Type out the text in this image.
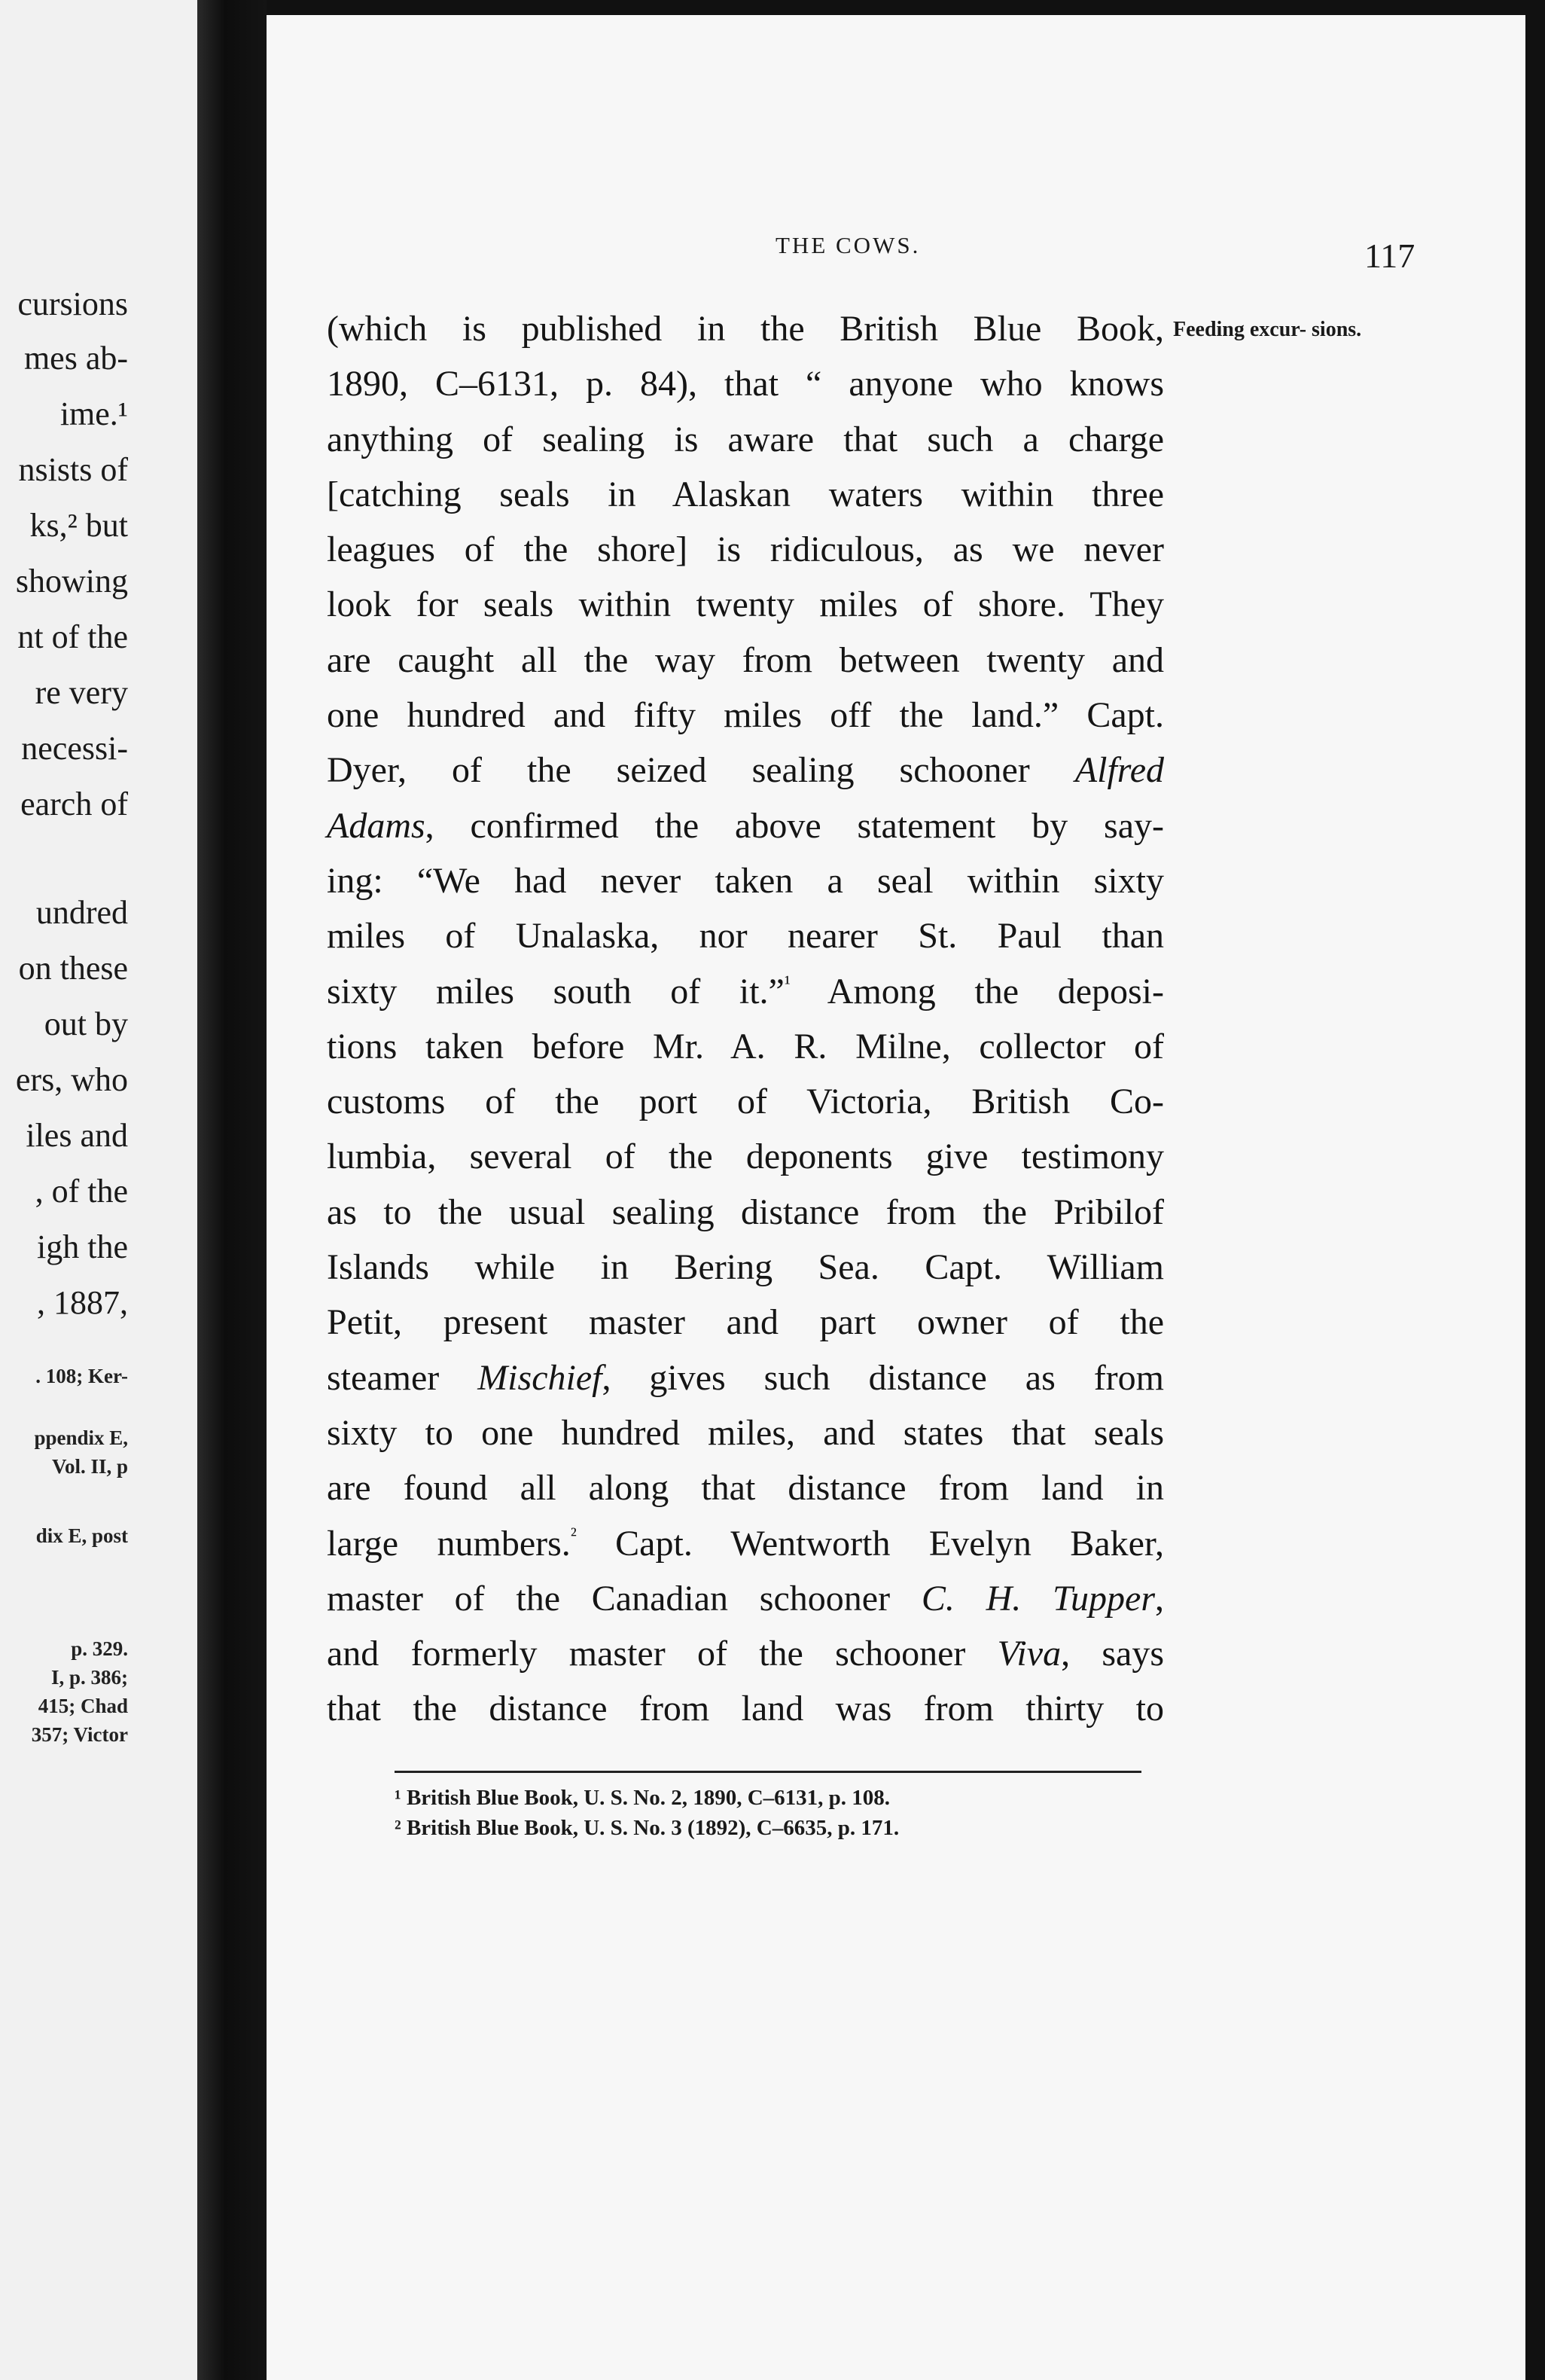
cursions
mes ab-
ime.¹
nsists of
ks,² but
showing
nt of the
re very
necessi-
earch of
undred
on these
out by
ers, who
iles and
, of the
igh the
, 1887,
. 108; Ker-
ppendix E,
Vol. II, p
dix E, post
p. 329.
I, p. 386;
415; Chad
357; Victor
THE COWS.	117
Feeding excur- sions.
(which is published in the British Blue Book,
1890, C–6131, p. 84), that “ anyone who knows
anything of sealing is aware that such a charge
[catching seals in Alaskan waters within three
leagues of the shore] is ridiculous, as we never
look for seals within twenty miles of shore. They
are caught all the way from between twenty and
one hundred and fifty miles off the land.” Capt.
Dyer, of the seized sealing schooner Alfred
Adams, confirmed the above statement by say-
ing: “We had never taken a seal within sixty
miles of Unalaska, nor nearer St. Paul than
sixty miles south of it.”$^{^1}$ Among the deposi-
tions taken before Mr. A. R. Milne, collector of
customs of the port of Victoria, British Co-
lumbia, several of the deponents give testimony
as to the usual sealing distance from the Pribilof
Islands while in Bering Sea. Capt. William
Petit, present master and part owner of the
steamer Mischief, gives such distance as from
sixty to one hundred miles, and states that seals
are found all along that distance from land in
large numbers.$^{^2}$ Capt. Wentworth Evelyn Baker,
master of the Canadian schooner C. H. Tupper,
and formerly master of the schooner Viva, says
that the distance from land was from thirty to
¹ British Blue Book, U. S. No. 2, 1890, C–6131, p. 108.
² British Blue Book, U. S. No. 3 (1892), C–6635, p. 171.
